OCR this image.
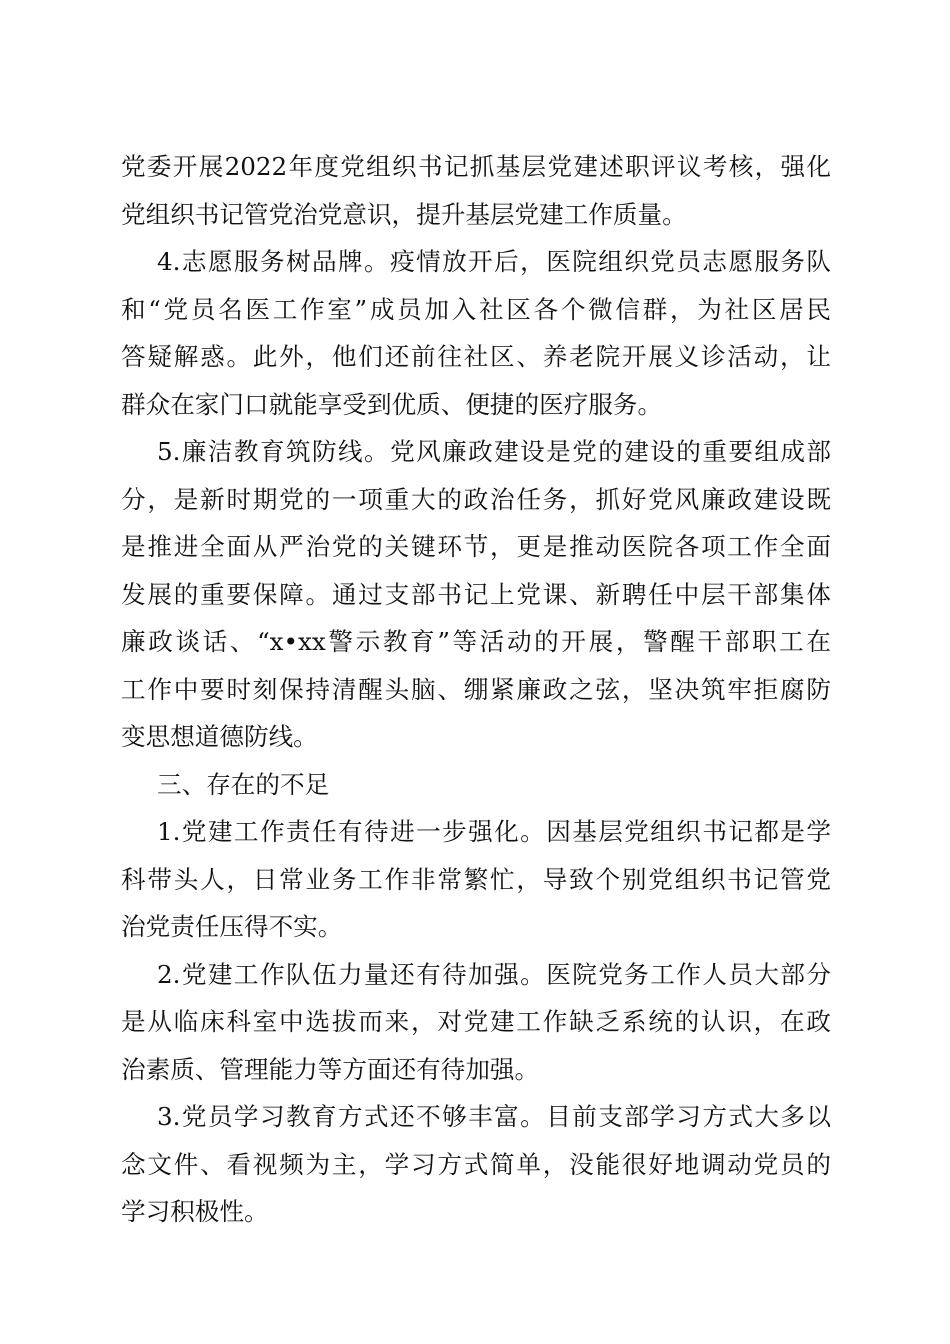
党委开展2022年度党组织书记抓基层党建述职评议考核，强化
党组织书记管党治党意识，提升基层党建工作质量。
4.志愿服务树品牌。疫情放开后，医院组织党员志愿服务队
和“党员名医工作室”成员加入社区各个微信群，为社区居民
答疑解惑。此外，他们还前往社区、养老院开展义诊活动，让
群众在家门口就能享受到优质、便捷的医疗服务。
5.廉洁教育筑防线。党风廉政建设是党的建设的重要组成部
分，是新时期党的一项重大的政治任务，抓好党风廉政建设既
是推进全面从严治党的关键环节，更是推动医院各项工作全面
发展的重要保障。通过支部书记上党课、新聘任中层干部集体
廉政谈话、“x•xx警示教育”等活动的开展，警醒干部职工在
工作中要时刻保持清醒头脑、绷紧廉政之弦，坚决筑牢拒腐防
变思想道德防线。
三、存在的不足
1.党建工作责任有待进一步强化。因基层党组织书记都是学
科带头人，日常业务工作非常繁忙，导致个别党组织书记管党
治党责任压得不实。
2.党建工作队伍力量还有待加强。医院党务工作人员大部分
是从临床科室中选拔而来，对党建工作缺乏系统的认识，在政
治素质、管理能力等方面还有待加强。
3.党员学习教育方式还不够丰富。目前支部学习方式大多以
念文件、看视频为主，学习方式简单，没能很好地调动党员的
学习积极性。
